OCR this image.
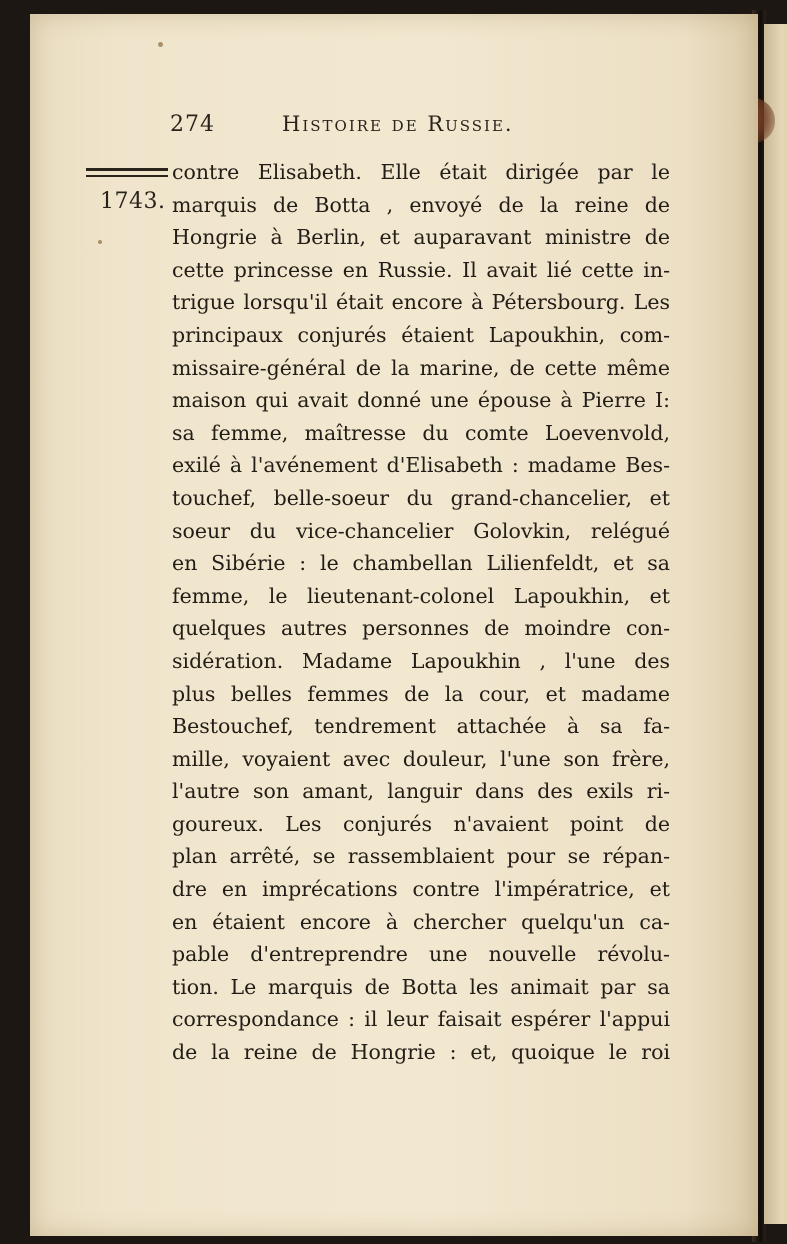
274	Histoire de Russie.
1743.
contre Elisabeth. Elle était dirigée par le
marquis de Botta , envoyé de la reine de
Hongrie à Berlin, et auparavant ministre de
cette princesse en Russie. Il avait lié cette in-
trigue lorsqu'il était encore à Pétersbourg. Les
principaux conjurés étaient Lapoukhin, com-
missaire-général de la marine, de cette même
maison qui avait donné une épouse à Pierre I:
sa femme, maîtresse du comte Loevenvold,
exilé à l'avénement d'Elisabeth : madame Bes-
touchef, belle-soeur du grand-chancelier, et
soeur du vice-chancelier Golovkin, relégué
en Sibérie : le chambellan Lilienfeldt, et sa
femme, le lieutenant-colonel Lapoukhin, et
quelques autres personnes de moindre con-
sidération. Madame Lapoukhin , l'une des
plus belles femmes de la cour, et madame
Bestouchef, tendrement attachée à sa fa-
mille, voyaient avec douleur, l'une son frère,
l'autre son amant, languir dans des exils ri-
goureux. Les conjurés n'avaient point de
plan arrêté, se rassemblaient pour se répan-
dre en imprécations contre l'impératrice, et
en étaient encore à chercher quelqu'un ca-
pable d'entreprendre une nouvelle révolu-
tion. Le marquis de Botta les animait par sa
correspondance : il leur faisait espérer l'appui
de la reine de Hongrie : et, quoique le roi
